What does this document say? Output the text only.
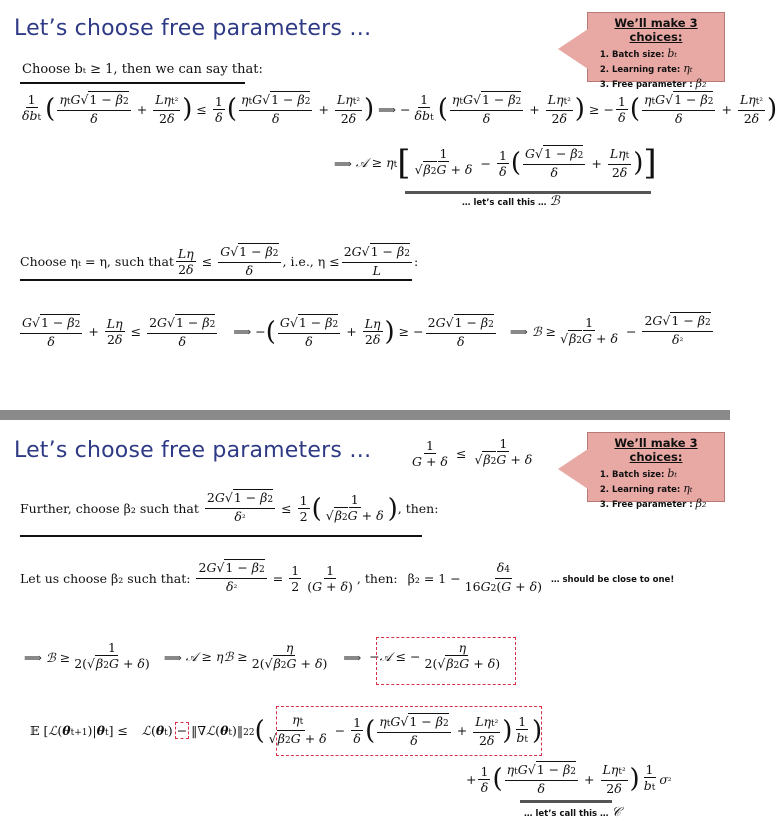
Let’s choose free parameters …	We’ll make 3 choices:
1. Batch size: bₜ
2. Learning rate: ηₜ
3. Free parameter : β₂
Choose bₜ ≥ 1, then we can say that:
$\frac{1}{\text{δbt}}$ ( $\frac{\text{ηtG√1 − β2}}{\delta} + \frac{\text{Lηt²}}{2\delta}$ ) ≤ $\frac{1}{\delta}$ ( $\frac{\text{ηtG√1 − β2}}{\delta} + \frac{\text{Lηt²}}{2\delta}$ ) ⟹ − $\frac{1}{\text{δbt}}$ ( $\frac{\text{ηtG√1 − β2}}{\delta} + \frac{\text{Lηt²}}{2\delta}$ ) ≥ − $\frac{1}{\delta}$ ( $\frac{\text{ηtG√1 − β2}}{\delta} + \frac{\text{Lηt²}}{2\delta}$ )
⟹ 𝒜 ≥ ηt [ $\frac{1}{√\beta 2G + \delta} - \frac{1}{\delta}$ ( $\frac{G√1 - \beta 2}{\delta} + \frac{\text{Lηt}}{2\delta}$ ) ]
… let’s call this … ℬ
Choose ηₜ = η, such that $\frac{L\eta}{2\delta} \le \frac{G√1 - \beta 2}{\delta}$ , i.e., $\eta \le \frac{2G√1 - \beta 2}{L}$ :
$\frac{G√1 - \beta 2}{\delta} + \frac{L\eta}{2\delta} \le \frac{2G√1 - \beta 2}{\delta}$ ⟹ − ( $\frac{G√1 - \beta 2}{\delta} + \frac{L\eta}{2\delta}$ ) ≥ − $\frac{2G√1 - \beta 2}{\delta}$ ⟹ ℬ ≥ $\frac{1}{√\beta 2G + \delta} - \frac{2G√1 - \beta 2}{\text{δ²}}$
Let’s choose free parameters …	$\frac{1}{G + \delta} \le \frac{1}{√\beta 2G + \delta}$	We’ll make 3 choices:
1. Batch size: bₜ
2. Learning rate: ηₜ
3. Free parameter : β₂
Further, choose β₂ such that $\frac{2G√1 - \beta 2}{\text{δ²}} \le \frac{1}{2}$ ( $\frac{1}{√\beta 2G + \delta}$ ) , then:
Let us choose β₂ such that: $\frac{2G√1 - \beta 2}{\text{δ²}} = \frac{1}{2} \frac{1}{(G + \delta)}$ , then: $\beta_2 = 1 - \frac{\delta 4}{16G2(G + \delta)}$ … should be close to one!
⟹ ℬ ≥ $\frac{1}{2(√\beta 2G + \delta)}$ ⟹ 𝒜 ≥ ηℬ ≥ $\frac{\eta}{2(√\beta 2G + \delta)}$ ⟹ −𝒜 ≤ − $\frac{\eta}{2(√\beta 2G + \delta)}$
𝔼 [ℒ(θt+1)|θt] ≤ ℒ(θt) − ‖∇ℒ(θt)‖22 ( $\frac{\eta t}{√\beta 2G + \delta} - \frac{1}{\delta}$ ( $\frac{\text{ηtG√1 − β2}}{\delta} + \frac{\text{Lηt²}}{2\delta}$ ) $\frac{1}{bt}$ )
+ $\frac{1}{\delta}$ ( $\frac{\text{ηtG√1 − β2}}{\delta} + \frac{\text{Lηt²}}{2\delta}$ ) $\frac{1}{bt} \sigma^2$
… let’s call this … 𝒞
